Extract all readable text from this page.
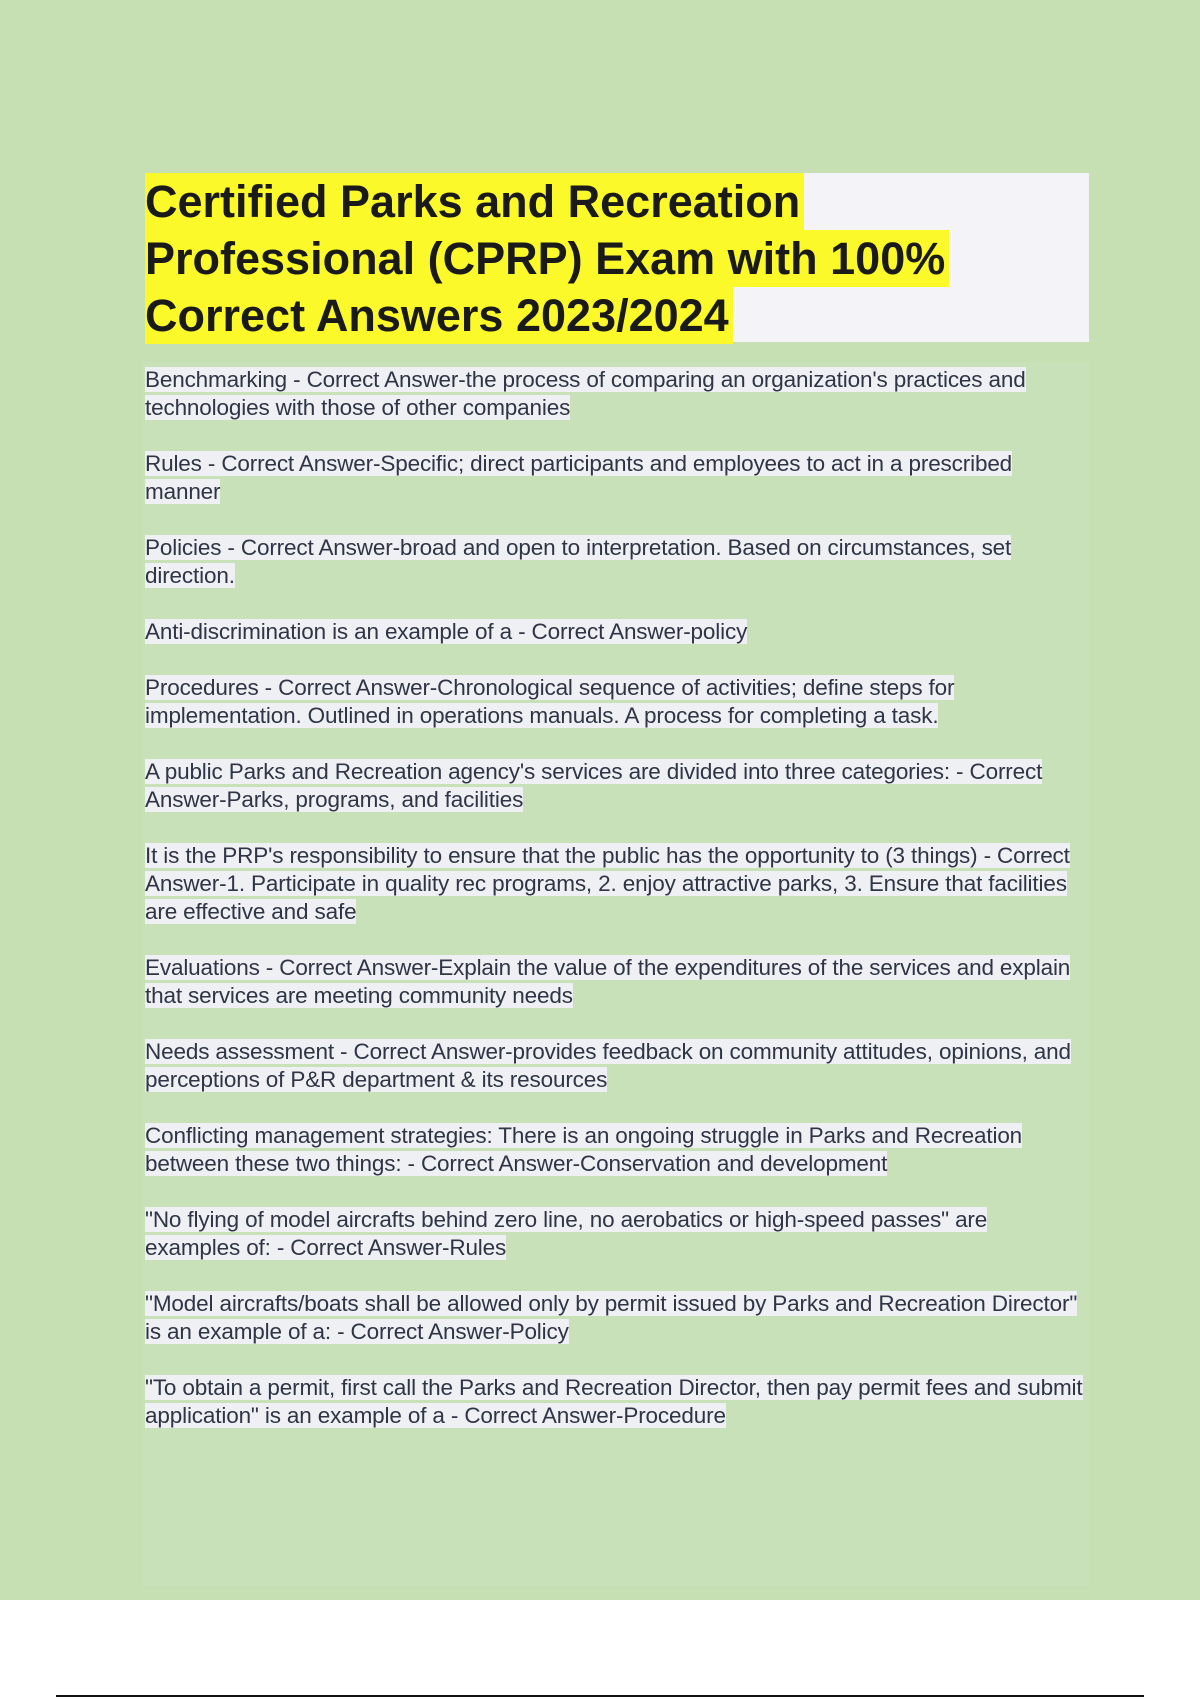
Certified Parks and Recreation
Professional (CPRP) Exam with 100%
Correct Answers 2023/2024
Benchmarking - Correct Answer-the process of comparing an organization's practices and technologies with those of other companies
Rules - Correct Answer-Specific; direct participants and employees to act in a prescribed manner
Policies - Correct Answer-broad and open to interpretation. Based on circumstances, set direction.
Anti-discrimination is an example of a - Correct Answer-policy
Procedures - Correct Answer-Chronological sequence of activities; define steps for implementation. Outlined in operations manuals. A process for completing a task.
A public Parks and Recreation agency's services are divided into three categories: - Correct Answer-Parks, programs, and facilities
It is the PRP's responsibility to ensure that the public has the opportunity to (3 things) - Correct Answer-1. Participate in quality rec programs, 2. enjoy attractive parks, 3. Ensure that facilities are effective and safe
Evaluations - Correct Answer-Explain the value of the expenditures of the services and explain that services are meeting community needs
Needs assessment - Correct Answer-provides feedback on community attitudes, opinions, and perceptions of P&R department & its resources
Conflicting management strategies: There is an ongoing struggle in Parks and Recreation between these two things: - Correct Answer-Conservation and development
"No flying of model aircrafts behind zero line, no aerobatics or high-speed passes" are examples of: - Correct Answer-Rules
"Model aircrafts/boats shall be allowed only by permit issued by Parks and Recreation Director" is an example of a: - Correct Answer-Policy
"To obtain a permit, first call the Parks and Recreation Director, then pay permit fees and submit application" is an example of a - Correct Answer-Procedure
